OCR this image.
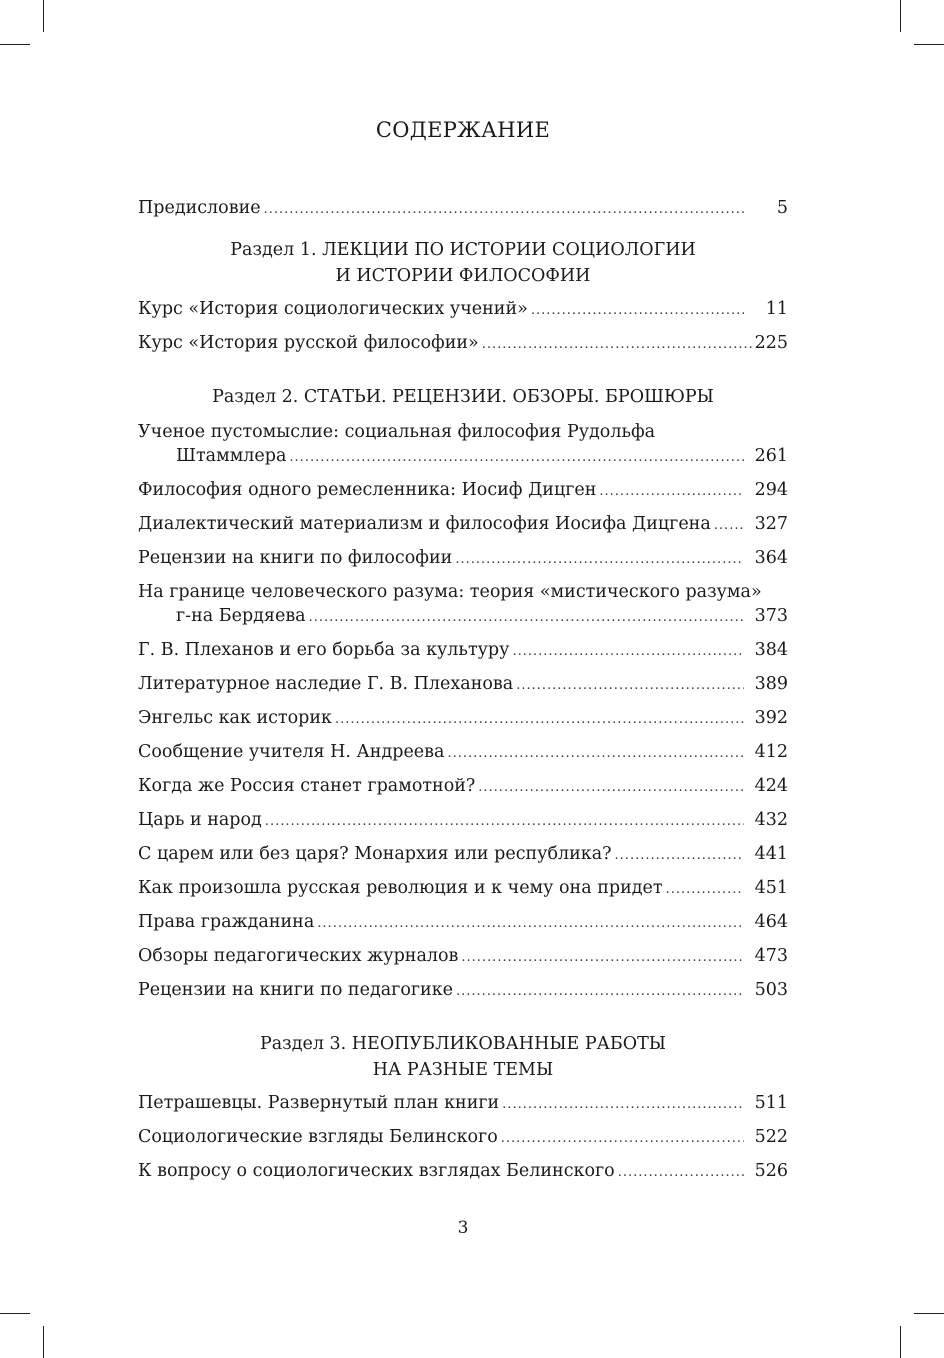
СОДЕРЖАНИЕ
Предисловие .....	5
Раздел 1. ЛЕКЦИИ ПО ИСТОРИИ СОЦИОЛОГИИ
И ИСТОРИИ ФИЛОСОФИИ
Курс «История социологических учений» .....	11
Курс «История русской философии» .....	225
Раздел 2. СТАТЬИ. РЕЦЕНЗИИ. ОБЗОРЫ. БРОШЮРЫ
Ученое пустомыслие: социальная философия Рудольфа
Штаммлера .....	261
Философия одного ремесленника: Иосиф Дицген .....	294
Диалектический материализм и философия Иосифа Дицгена .....	327
Рецензии на книги по философии .....	364
На границе человеческого разума: теория «мистического разума»
г-на Бердяева .....	373
Г. В. Плеханов и его борьба за культуру .....	384
Литературное наследие Г. В. Плеханова .....	389
Энгельс как историк .....	392
Сообщение учителя Н. Андреева .....	412
Когда же Россия станет грамотной? .....	424
Царь и народ .....	432
С царем или без царя? Монархия или республика? .....	441
Как произошла русская революция и к чему она придет .....	451
Права гражданина .....	464
Обзоры педагогических журналов .....	473
Рецензии на книги по педагогике .....	503
Раздел 3. НЕОПУБЛИКОВАННЫЕ РАБОТЫ
НА РАЗНЫЕ ТЕМЫ
Петрашевцы. Развернутый план книги .....	511
Социологические взгляды Белинского .....	522
К вопросу о социологических взглядах Белинского .....	526
3
